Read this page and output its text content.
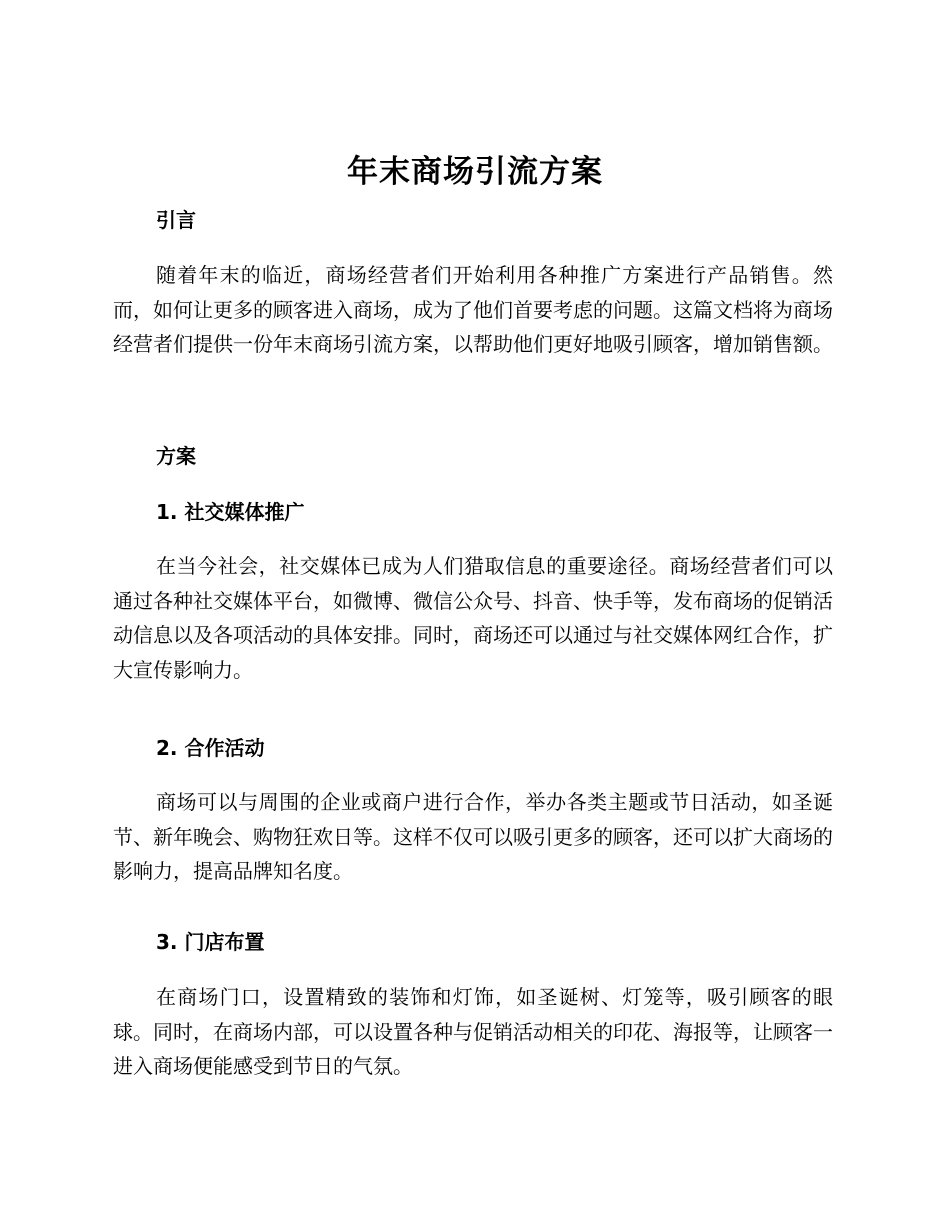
年末商场引流方案
引言
随着年末的临近，商场经营者们开始利用各种推广方案进行产品销售。然而，如何让更多的顾客进入商场，成为了他们首要考虑的问题。这篇文档将为商场经营者们提供一份年末商场引流方案，以帮助他们更好地吸引顾客，增加销售额。
方案
1. 社交媒体推广
在当今社会，社交媒体已成为人们猎取信息的重要途径。商场经营者们可以通过各种社交媒体平台，如微博、微信公众号、抖音、快手等，发布商场的促销活动信息以及各项活动的具体安排。同时，商场还可以通过与社交媒体网红合作，扩大宣传影响力。
2. 合作活动
商场可以与周围的企业或商户进行合作，举办各类主题或节日活动，如圣诞节、新年晚会、购物狂欢日等。这样不仅可以吸引更多的顾客，还可以扩大商场的影响力，提高品牌知名度。
3. 门店布置
在商场门口，设置精致的装饰和灯饰，如圣诞树、灯笼等，吸引顾客的眼球。同时，在商场内部，可以设置各种与促销活动相关的印花、海报等，让顾客一进入商场便能感受到节日的气氛。
